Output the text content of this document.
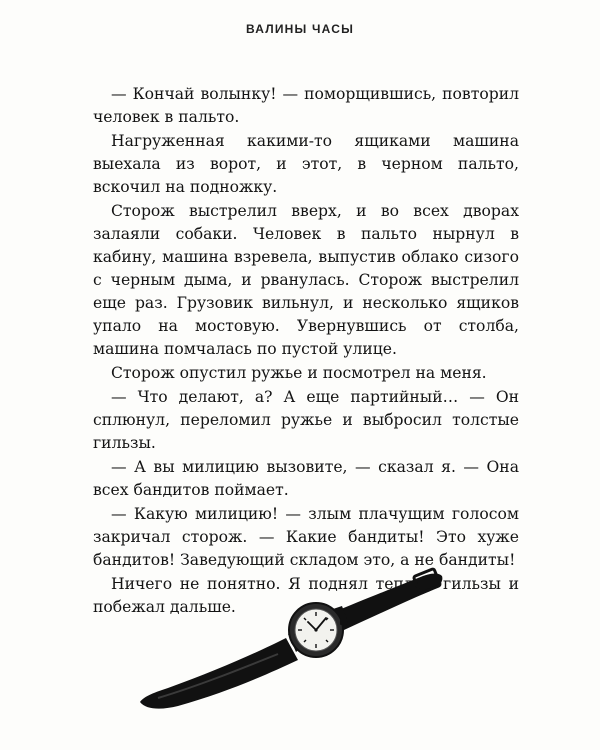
ВАЛИНЫ ЧАСЫ

— Кончай волынку! — поморщившись, повторил человек в пальто.

Нагруженная какими-то ящиками машина выехала из ворот, и этот, в черном пальто, вскочил на подножку.

Сторож выстрелил вверх, и во всех дворах залаяли собаки. Человек в пальто нырнул в кабину, машина взревела, выпустив облако сизого с черным дыма, и рванулась. Сторож выстрелил еще раз. Грузовик вильнул, и несколько ящиков упало на мостовую. Увернувшись от столба, машина помчалась по пустой улице.

Сторож опустил ружье и посмотрел на меня.

— Что делают, а? А еще партийный… — Он сплюнул, переломил ружье и выбросил толстые гильзы.

— А вы милицию вызовите, — сказал я. — Она всех бандитов поймает.

— Какую милицию! — злым плачущим голосом закричал сторож. — Какие бандиты! Это хуже бандитов! Заведующий складом это, а не бандиты!

Ничего не понятно. Я поднял теплые гильзы и побежал дальше.
